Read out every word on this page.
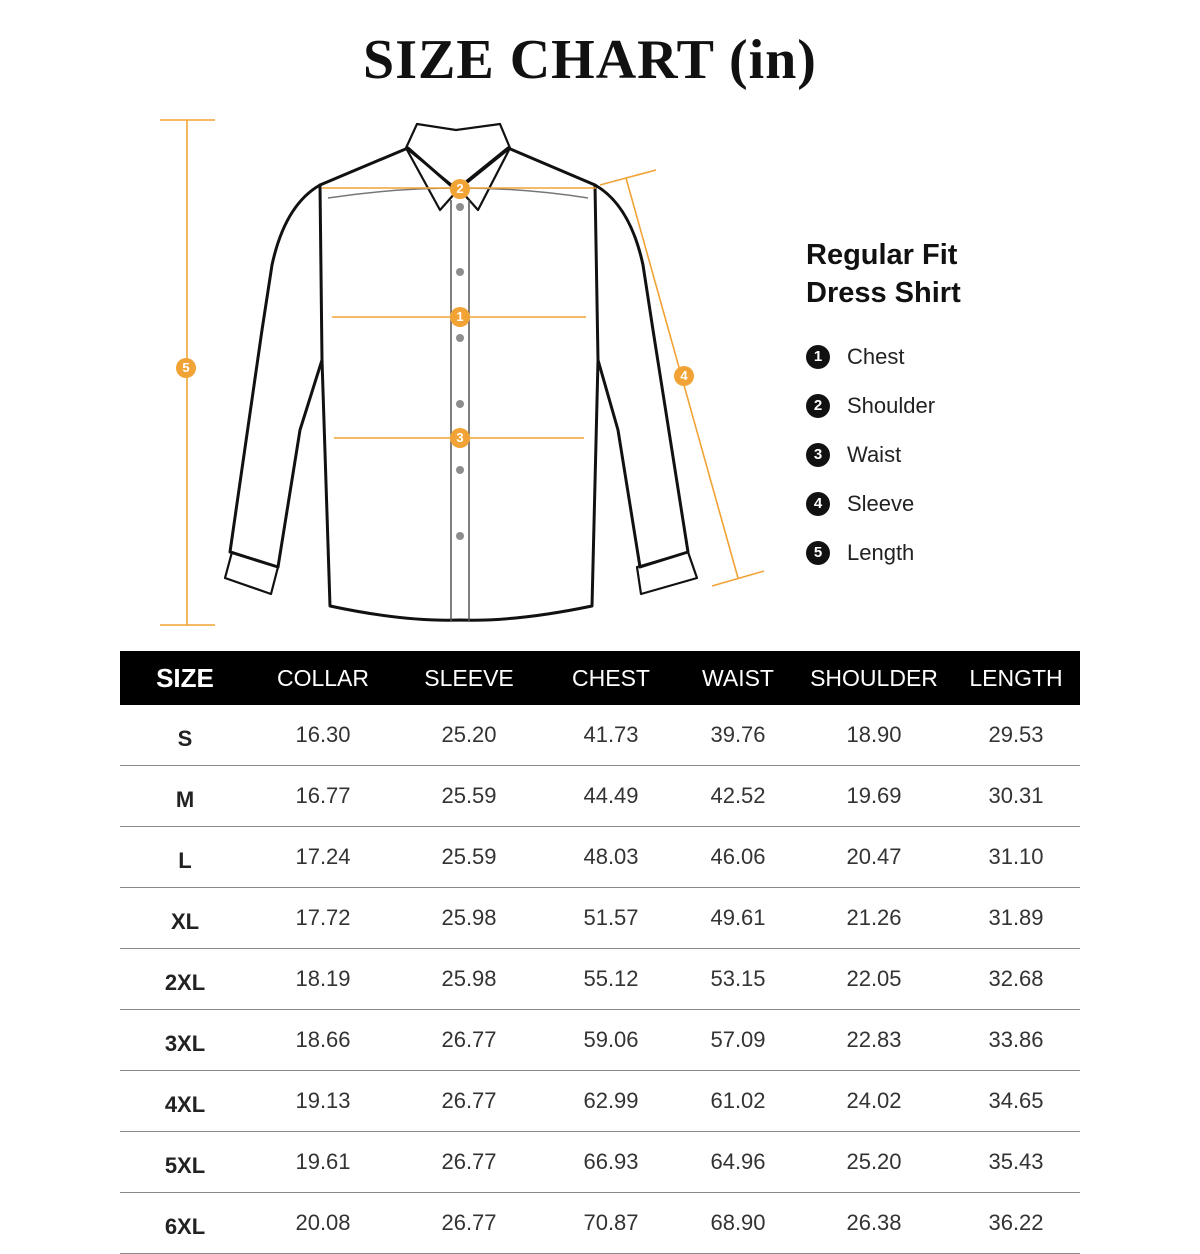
SIZE CHART (in)
2
1
3
4
5
Regular Fit
Dress Shirt
1	Chest
2	Shoulder
3	Waist
4	Sleeve
5	Length
SIZE	COLLAR	SLEEVE	CHEST	WAIST	SHOULDER	LENGTH
S	16.30	25.20	41.73	39.76	18.90	29.53
M	16.77	25.59	44.49	42.52	19.69	30.31
L	17.24	25.59	48.03	46.06	20.47	31.10
XL	17.72	25.98	51.57	49.61	21.26	31.89
2XL	18.19	25.98	55.12	53.15	22.05	32.68
3XL	18.66	26.77	59.06	57.09	22.83	33.86
4XL	19.13	26.77	62.99	61.02	24.02	34.65
5XL	19.61	26.77	66.93	64.96	25.20	35.43
6XL	20.08	26.77	70.87	68.90	26.38	36.22
